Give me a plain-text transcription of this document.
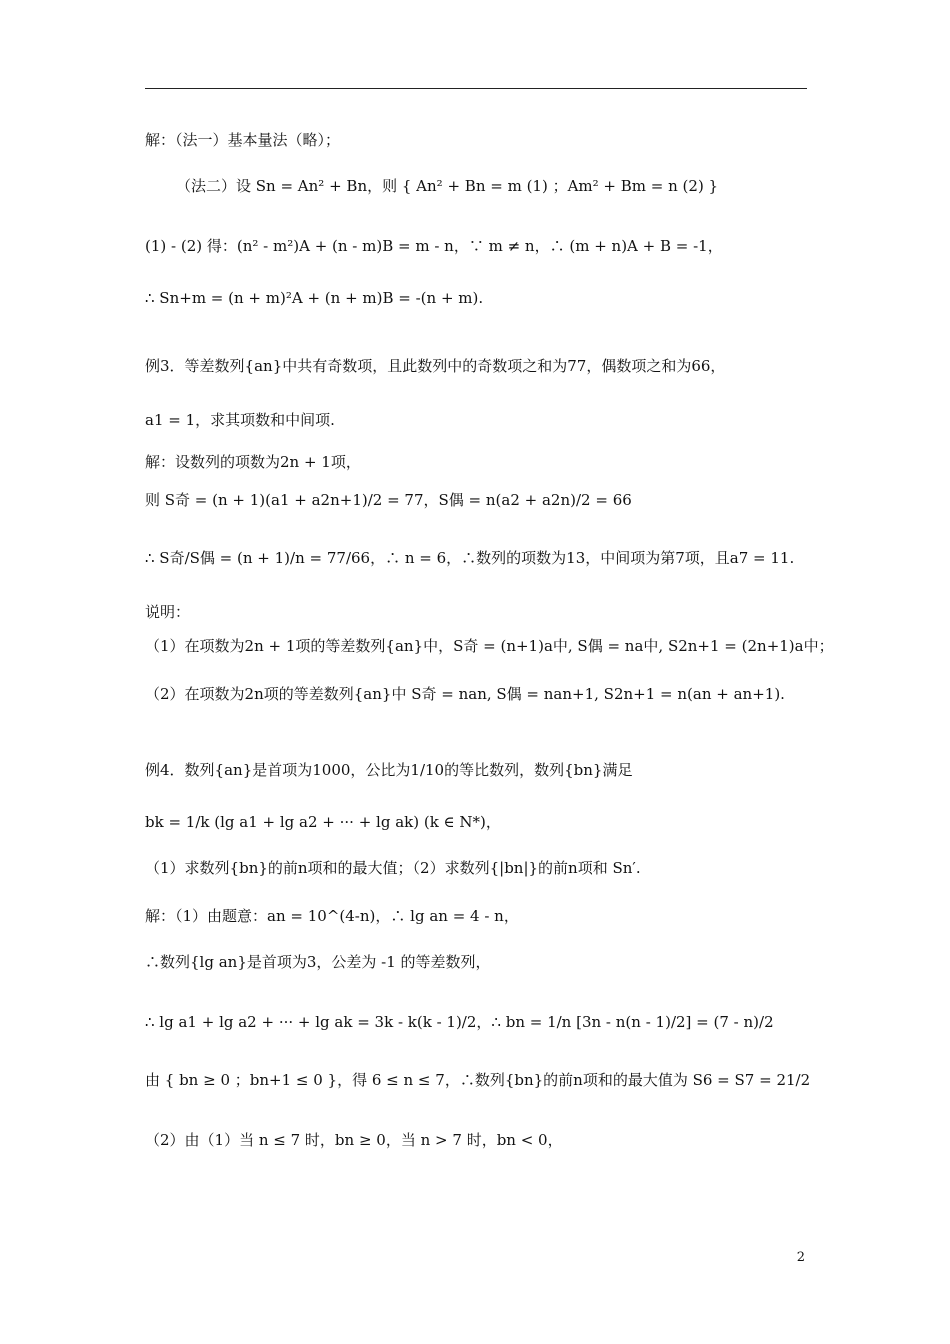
解：（法一）基本量法（略）；
（法二）设 Sn = An² + Bn，则 { An² + Bn = m (1) ；Am² + Bm = n (2) }
(1) - (2) 得：(n² - m²)A + (n - m)B = m - n，∵ m ≠ n，∴ (m + n)A + B = -1，
∴ Sn+m = (n + m)²A + (n + m)B = -(n + m).
例3．等差数列{an}中共有奇数项，且此数列中的奇数项之和为77，偶数项之和为66，
a1 = 1，求其项数和中间项.
解：设数列的项数为2n + 1项，
则 S奇 = (n + 1)(a1 + a2n+1)/2 = 77，S偶 = n(a2 + a2n)/2 = 66
∴ S奇/S偶 = (n + 1)/n = 77/66，∴ n = 6，∴数列的项数为13，中间项为第7项，且a7 = 11.
说明：
（1）在项数为2n + 1项的等差数列{an}中，S奇 = (n+1)a中, S偶 = na中, S2n+1 = (2n+1)a中；
（2）在项数为2n项的等差数列{an}中 S奇 = nan, S偶 = nan+1, S2n+1 = n(an + an+1).
例4．数列{an}是首项为1000，公比为1/10的等比数列，数列{bn}满足
bk = 1/k (lg a1 + lg a2 + ··· + lg ak) (k ∈ N*)，
（1）求数列{bn}的前n项和的最大值；（2）求数列{|bn|}的前n项和 Sn′.
解：（1）由题意：an = 10^(4-n)，∴ lg an = 4 - n，
∴数列{lg an}是首项为3，公差为 -1 的等差数列，
∴ lg a1 + lg a2 + ··· + lg ak = 3k - k(k - 1)/2，∴ bn = 1/n [3n - n(n - 1)/2] = (7 - n)/2
由 { bn ≥ 0 ；bn+1 ≤ 0 }，得 6 ≤ n ≤ 7，∴数列{bn}的前n项和的最大值为 S6 = S7 = 21/2
（2）由（1）当 n ≤ 7 时，bn ≥ 0，当 n > 7 时，bn < 0，
2
